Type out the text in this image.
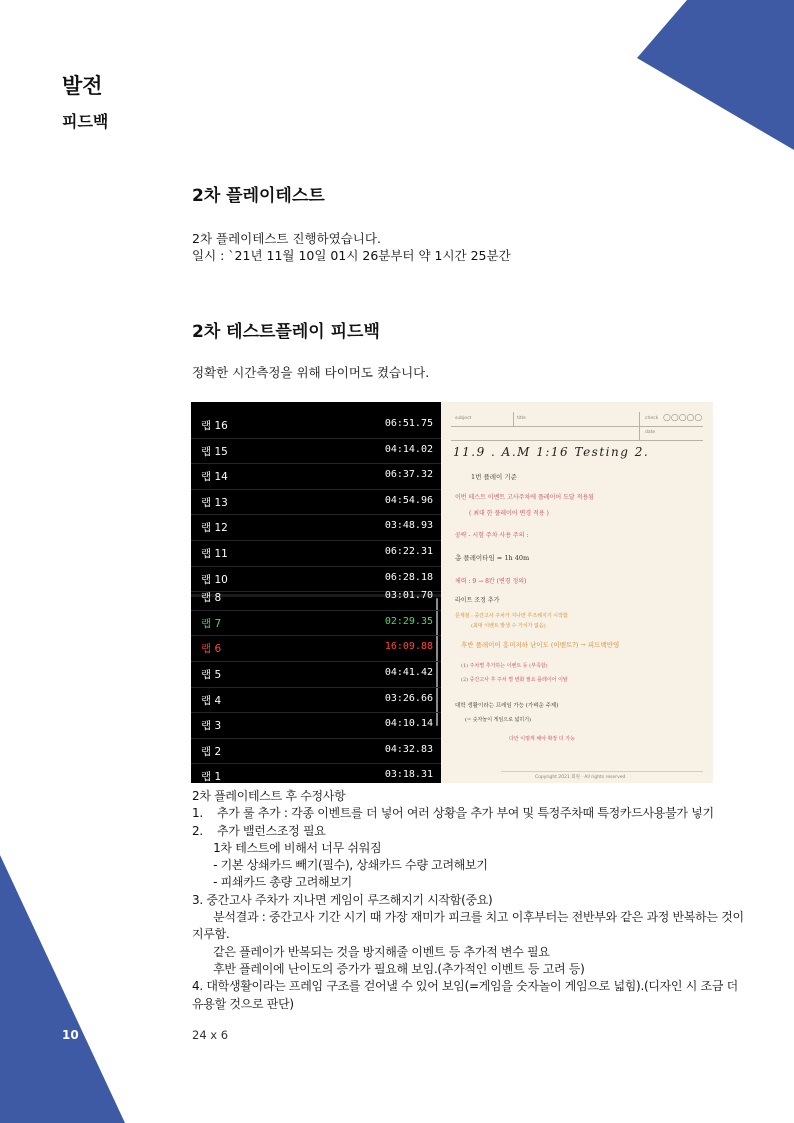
발전
피드백
2차 플레이테스트
2차 플레이테스트 진행하였습니다.
일시 : `21년 11월 10일 01시 26분부터 약 1시간 25분간
2차 테스트플레이 피드백
정확한 시간측정을 위해 타이머도 켰습니다.
랩 16	06:51.75
랩 15	04:14.02
랩 14	06:37.32
랩 13	04:54.96
랩 12	03:48.93
랩 11	06:22.31
랩 10	06:28.18
랩 8	03:01.70
랩 7	02:29.35
랩 6	16:09.88
랩 5	04:41.42
랩 4	03:26.66
랩 3	04:10.14
랩 2	04:32.83
랩 1	03:18.31
subject	title	check ○○○○○
date
11.9 . A.M 1:16 Testing 2.
1번 플레이 기준
이번 테스트 이벤트 고사주차에 플레이어 도달 적용됨
( 최대 한 플레이어 변경 적용 )
공략 - 시험 주차 사용 주의 :
총 플레이타임 = 1h 40m
체력 : 9 → 8칸 (변경 정의)
라이트 조정 추가
문제점 : 중간고사 주차가 지나면 루즈해지기 시작함
(최대 이벤트 발생 수 가치가 없음)
후반 플레이어 흥미저하 난이도 (이벤트?) → 피드백반영
(1) 주차별 추가하는 이벤트 등 (부족함)
(2) 중간고사 후 주차 별 변화 필요 플레이어 이탈
대학 생활이라는 프레임 가능 (가벼운 주제)
(= 숫자놀이 게임으로 넓히기)
다만 이렇게 해야 확장 더 가능
Copyright 2021 회원 · All rights reserved
2차 플레이테스트 후 수정사항
1.    추가 룰 추가 : 각종 이벤트를 더 넣어 여러 상황을 추가 부여 및 특정주차때 특정카드사용불가 넣기
2.    추가 밸런스조정 필요
1차 테스트에 비해서 너무 쉬워짐
- 기본 상쇄카드 빼기(필수), 상쇄카드 수량 고려해보기
- 피쇄카드 총량 고려해보기
3. 중간고사 주차가 지나면 게임이 루즈해지기 시작함(중요)
분석결과 : 중간고사 기간 시기 때 가장 재미가 피크를 치고 이후부터는 전반부와 같은 과정 반복하는 것이
지루함.
같은 플레이가 반복되는 것을 방지해줄 이벤트 등 추가적 변수 필요
후반 플레이에 난이도의 증가가 필요해 보임.(추가적인 이벤트 등 고려 등)
4. 대학생활이라는 프레임 구조를 걷어낼 수 있어 보임(=게임을 숫자놀이 게임으로 넓힘).(디자인 시 조금 더
유용할 것으로 판단)
10	24 x 6
